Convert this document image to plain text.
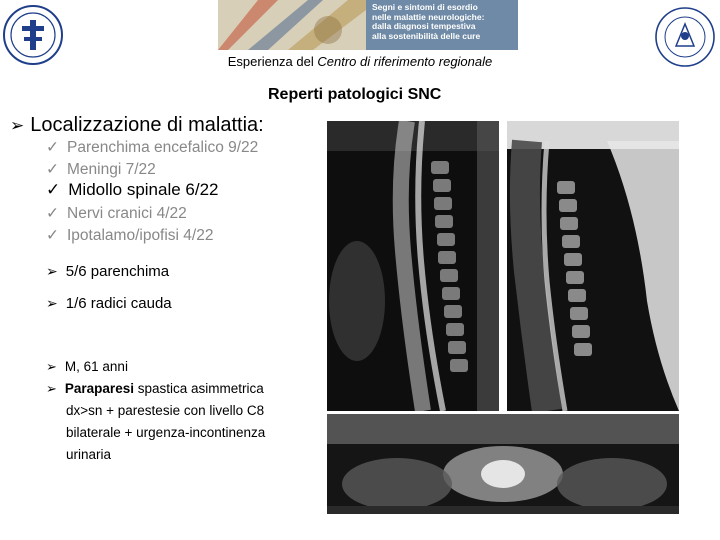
Segni e sintomi di esordio
nelle malattie neurologiche:
dalla diagnosi tempestiva
alla sostenibilità delle cure
Esperienza del Centro di riferimento regionale
Reperti patologici SNC
➢ Localizzazione di malattia:
✓ Parenchima encefalico 9/22
✓ Meningi 7/22
✓ Midollo spinale 6/22
✓ Nervi cranici 4/22
✓ Ipotalamo/ipofisi 4/22
➢ 5/6 parenchima
➢ 1/6 radici cauda
➢ M, 61 anni
➢ Paraparesi spastica asimmetrica
dx>sn + parestesie con livello C8
bilaterale + urgenza-incontinenza
urinaria
